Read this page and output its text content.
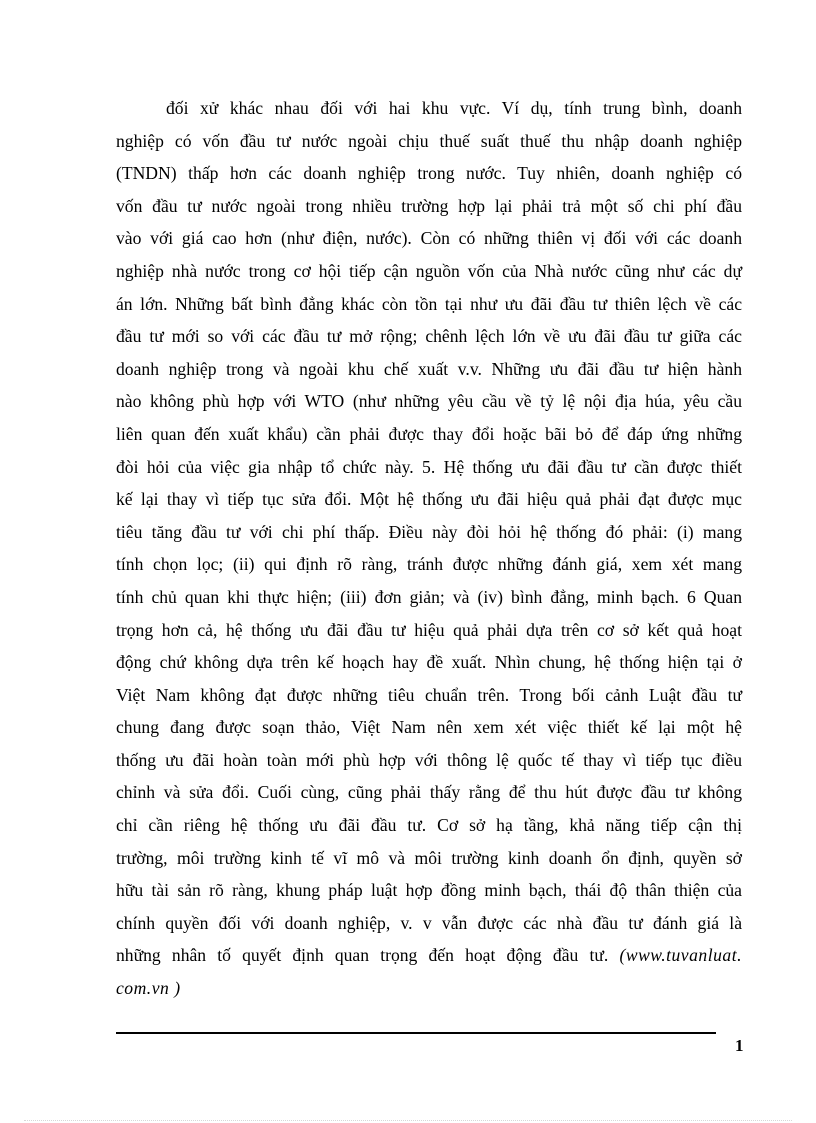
đối xử khác nhau đối với hai khu vực. Ví dụ, tính trung bình, doanh
nghiệp có vốn đầu tư nước ngoài chịu thuế suất thuế thu nhập doanh nghiệp
(TNDN) thấp hơn các doanh nghiệp trong nước. Tuy nhiên, doanh nghiệp có
vốn đầu tư nước ngoài trong nhiều trường hợp lại phải trả một số chi phí đầu
vào với giá cao hơn (như điện, nước). Còn có những thiên vị đối với các doanh
nghiệp nhà nước trong cơ hội tiếp cận nguồn vốn của Nhà nước cũng như các dự
án lớn. Những bất bình đẳng khác còn tồn tại như ưu đãi đầu tư thiên lệch về các
đầu tư mới so với các đầu tư mở rộng; chênh lệch lớn về ưu đãi đầu tư giữa các
doanh nghiệp trong và ngoài khu chế xuất v.v. Những ưu đãi đầu tư hiện hành
nào không phù hợp với WTO (như những yêu cầu về tỷ lệ nội địa húa, yêu cầu
liên quan đến xuất khẩu) cần phải được thay đổi hoặc bãi bỏ để đáp ứng những
đòi hỏi của việc gia nhập tổ chức này. 5. Hệ thống ưu đãi đầu tư cần được thiết
kế lại thay vì tiếp tục sửa đổi. Một hệ thống ưu đãi hiệu quả phải đạt được mục
tiêu tăng đầu tư với chi phí thấp. Điều này đòi hỏi hệ thống đó phải: (i) mang
tính chọn lọc; (ii) qui định rõ ràng, tránh được những đánh giá, xem xét mang
tính chủ quan khi thực hiện; (iii) đơn giản; và (iv) bình đẳng, minh bạch. 6 Quan
trọng hơn cả, hệ thống ưu đãi đầu tư hiệu quả phải dựa trên cơ sở kết quả hoạt
động chứ không dựa trên kế hoạch hay đề xuất. Nhìn chung, hệ thống hiện tại ở
Việt Nam không đạt được những tiêu chuẩn trên. Trong bối cảnh Luật đầu tư
chung đang được soạn thảo, Việt Nam nên xem xét việc thiết kế lại một hệ
thống ưu đãi hoàn toàn mới phù hợp với thông lệ quốc tế thay vì tiếp tục điều
chỉnh và sửa đổi. Cuối cùng, cũng phải thấy rằng để thu hút được đầu tư không
chỉ cần riêng hệ thống ưu đãi đầu tư. Cơ sở hạ tầng, khả năng tiếp cận thị
trường, môi trường kinh tế vĩ mô và môi trường kinh doanh ổn định, quyền sở
hữu tài sản rõ ràng, khung pháp luật hợp đồng minh bạch, thái độ thân thiện của
chính quyền đối với doanh nghiệp, v. v vẫn được các nhà đầu tư đánh giá là
những nhân tố quyết định quan trọng đến hoạt động đầu tư. (www.tuvanluat.
com.vn )
1
